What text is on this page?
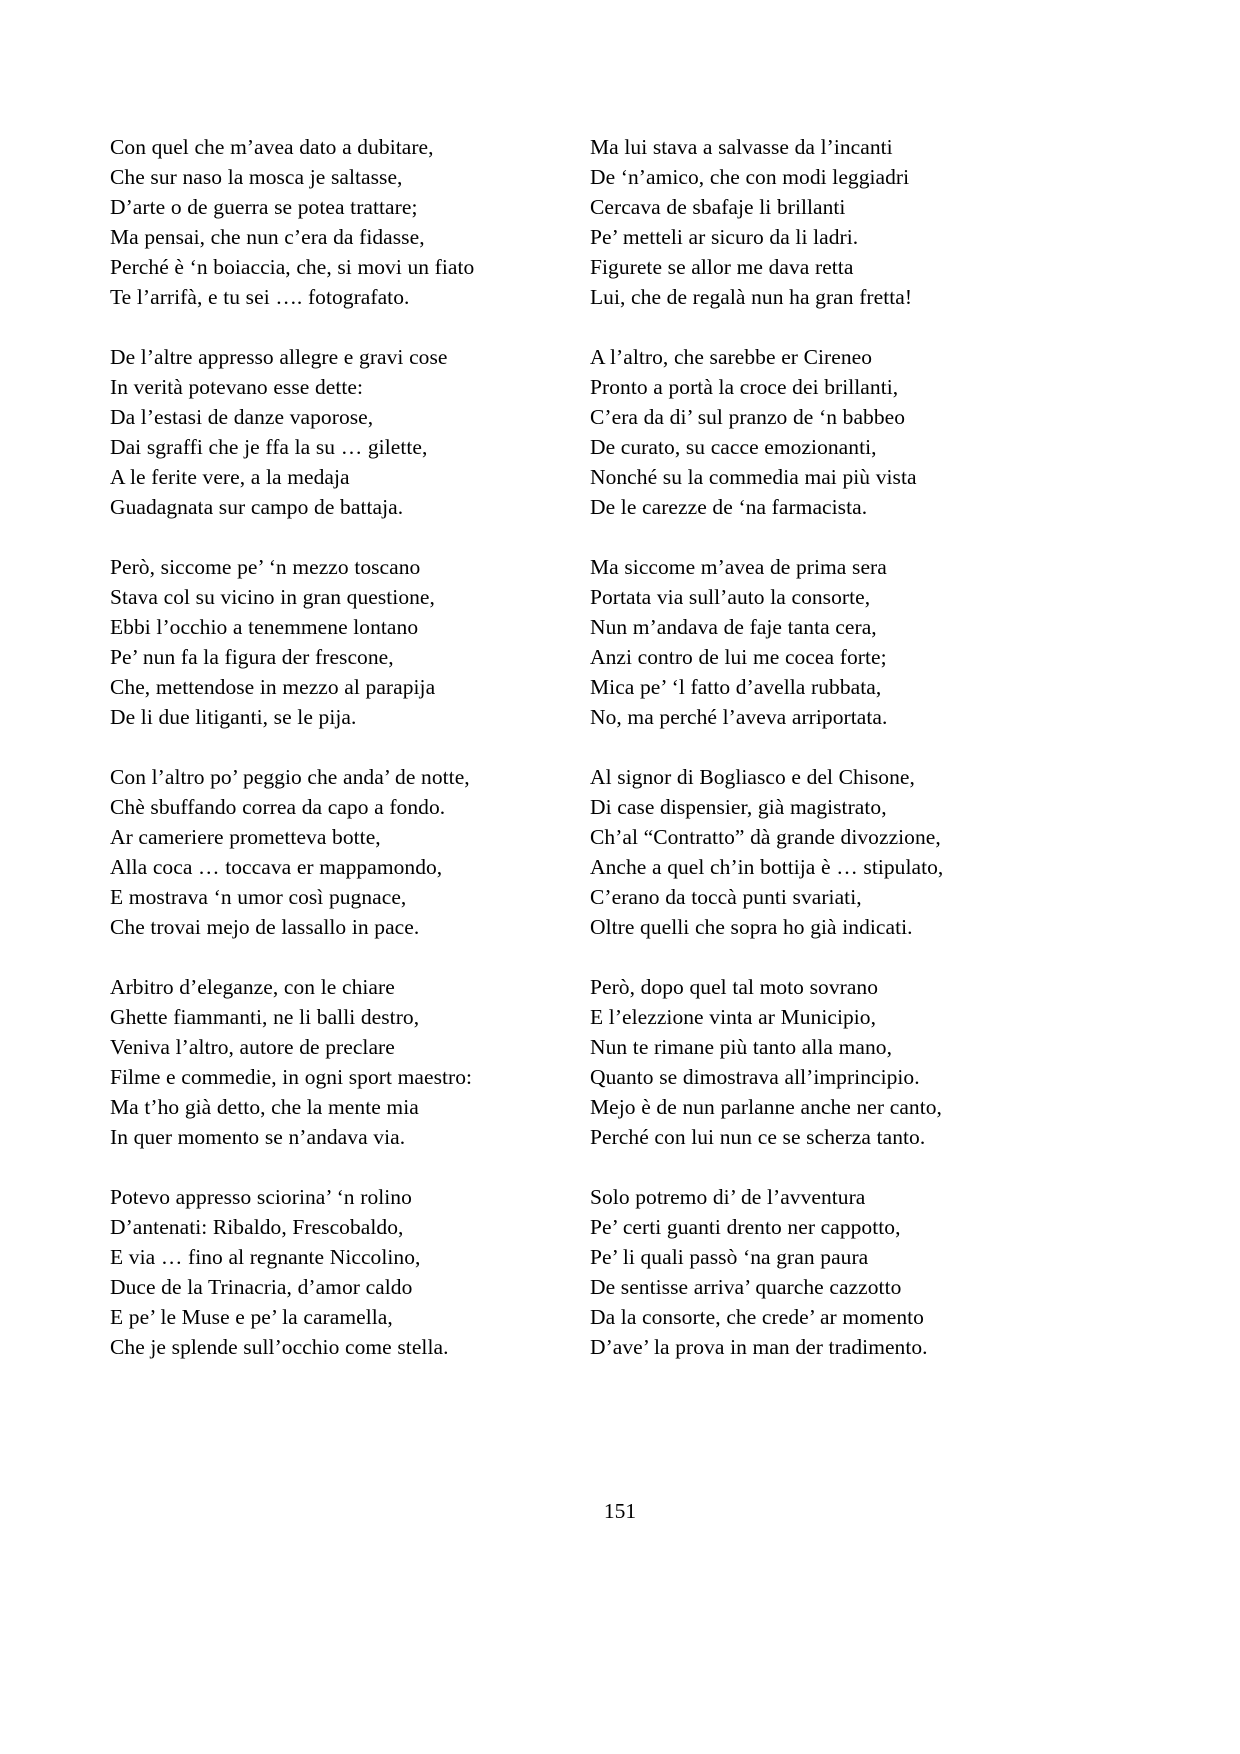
Con quel che m’avea dato a dubitare,
Che sur naso la mosca je saltasse,
D’arte o de guerra se potea trattare;
Ma pensai, che nun c’era da fidasse,
Perché è ‘n boiaccia, che, si movi un fiato
Te l’arrifà, e tu sei …. fotografato.
De l’altre appresso allegre e gravi cose
In verità potevano esse dette:
Da l’estasi de danze vaporose,
Dai sgraffi che je ffa la su … gilette,
A le ferite vere, a la medaja
Guadagnata sur campo de battaja.
Però, siccome pe’ ‘n mezzo toscano
Stava col su vicino in gran questione,
Ebbi l’occhio a tenemmene lontano
Pe’ nun fa la figura der frescone,
Che, mettendose in mezzo al parapija
De li due litiganti, se le pija.
Con l’altro po’ peggio che anda’ de notte,
Chè sbuffando correa da capo a fondo.
Ar cameriere prometteva botte,
Alla coca … toccava er mappamondo,
E mostrava ‘n umor così pugnace,
Che trovai mejo de lassallo in pace.
Arbitro d’eleganze, con le chiare
Ghette fiammanti, ne li balli destro,
Veniva l’altro, autore de preclare
Filme e commedie, in ogni sport maestro:
Ma t’ho già detto, che la mente mia
In quer momento se n’andava via.
Potevo appresso sciorina’ ‘n rolino
D’antenati: Ribaldo, Frescobaldo,
E via … fino al regnante Niccolino,
Duce de la Trinacria, d’amor caldo
E pe’ le Muse e pe’ la caramella,
Che je splende sull’occhio come stella.
Ma lui stava a salvasse da l’incanti
De ‘n’amico, che con modi leggiadri
Cercava de sbafaje li brillanti
Pe’ metteli ar sicuro da li ladri.
Figurete se allor me dava retta
Lui, che de regalà nun ha gran fretta!
A l’altro, che sarebbe er Cireneo
Pronto a portà la croce dei brillanti,
C’era da di’ sul pranzo de ‘n babbeo
De curato, su cacce emozionanti,
Nonché su la commedia mai più vista
De le carezze de ‘na farmacista.
Ma siccome m’avea de prima sera
Portata via sull’auto la consorte,
Nun m’andava de faje tanta cera,
Anzi contro de lui me cocea forte;
Mica pe’ ‘l fatto d’avella rubbata,
No, ma perché l’aveva arriportata.
Al signor di Bogliasco e del Chisone,
Di case dispensier, già magistrato,
Ch’al “Contratto” dà grande divozzione,
Anche a quel ch’in bottija è … stipulato,
C’erano da toccà punti svariati,
Oltre quelli che sopra ho già indicati.
Però, dopo quel tal moto sovrano
E l’elezzione vinta ar Municipio,
Nun te rimane più tanto alla mano,
Quanto se dimostrava all’imprincipio.
Mejo è de nun parlanne anche ner canto,
Perché con lui nun ce se scherza tanto.
Solo potremo di’ de l’avventura
Pe’ certi guanti drento ner cappotto,
Pe’ li quali passò ‘na gran paura
De sentisse arriva’ quarche cazzotto
Da la consorte, che crede’ ar momento
D’ave’ la prova in man der tradimento.
151
